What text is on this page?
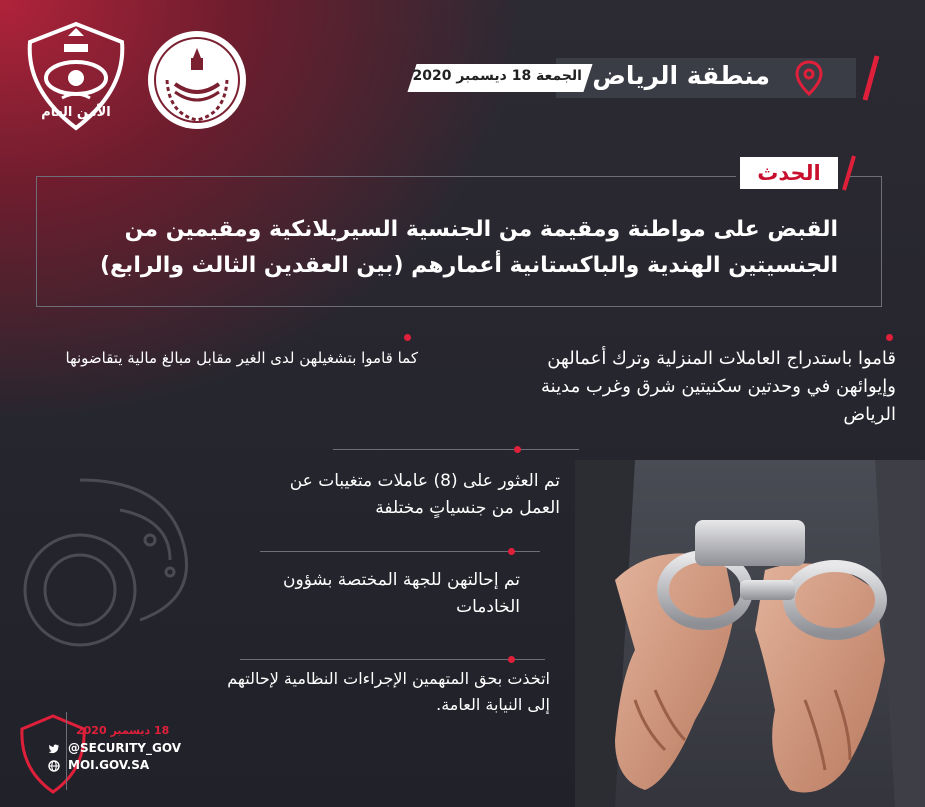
الأمن العام
منطقة الرياض
الجمعة 18 ديسمبر 2020
الحدث
القبض على مواطنة ومقيمة من الجنسية السيريلانكية ومقيمين من الجنسيتين الهندية والباكستانية أعمارهم (بين العقدين الثالث والرابع)
قاموا باستدراج العاملات المنزلية وترك أعمالهن وإيوائهن في وحدتين سكنيتين شرق وغرب مدينة الرياض
كما قاموا بتشغيلهن لدى الغير مقابل مبالغ مالية يتقاضونها
تم العثور على (8) عاملات متغيبات عن العمل من جنسياتٍ مختلفة
تم إحالتهن للجهة المختصة بشؤون الخادمات
اتخذت بحق المتهمين الإجراءات النظامية لإحالتهم إلى النيابة العامة.
18 ديسمبر 2020
@SECURITY_GOV
MOI.GOV.SA
